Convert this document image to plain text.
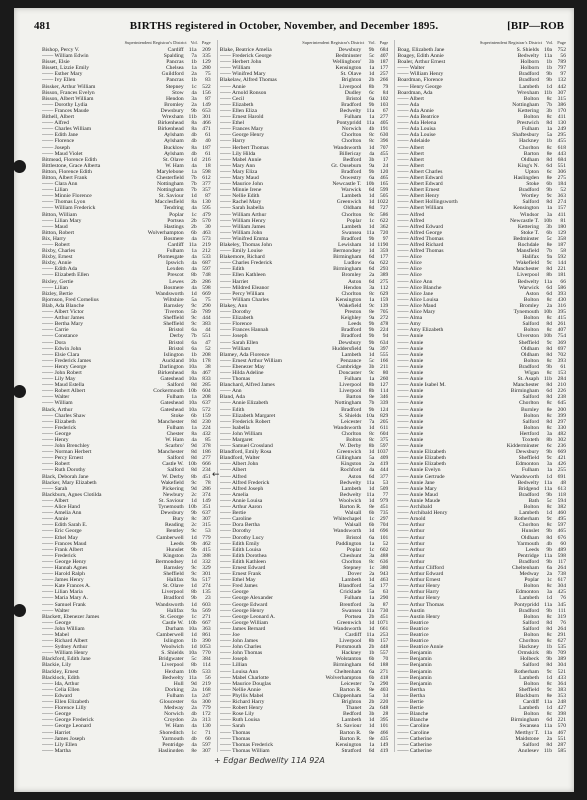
481	BIRTHS registered in October, November, and December 1895.	[BIP—ROB
Superintendent Registrar's District Vol. Page
Bishop, Percy V.	Cardiff 11a	209
—— William Edwin	Spalding	7a	335
Bisset, Elsie	Pancras	1b	129
Bissett, Lizzie Emily	Chelsea	1a	280
—— Esther Mary	Guildford	2a	75
—— Ivy Ellen	Pancras	1b	83
Bissker, Arthur William	Stepney	1c	522
Bisson, Frances Evelyn	Stow	4a	156
Bisson, Albert William	Hendon	3a	87
—— Dorothy Lydia	Bromley	2a	149
—— Frances Maude	Dewsbury	9b	653
Bithell, Albert	Wrexham 11b	301
—— Alfred	Birkenhead	8a	466
—— Charles William	Birkenhead	8a	471
—— Edith Jane	Aylsham	4b	61
—— Florence	Aylsham	4b	40
—— Joseph	Bucklow	8a	187
—— Maud Violet	Aylsham	4b	61
Bitmead, Florence Edith	St. Olave	1d	216
Bittlestone, Grace Alberta	W. Ham	4a	18
Bitton, Florence Edith	Marylebone	1a	598
Bitton, Albert Frank	Chesterfield	7b	612
—— Clara Ann	Nottingham	7b	377
—— Lilian	Nottingham	7b	357
—— Minnie Florence	St. Saviour	1d	87
—— Thomas Lyon	Macclesfield	8a	130
—— William Frederick	Tendring	4a	595
Bitton, William	Poplar	1c	479
—— Lilian Mary	Portsea	2b	570
—— Maud	Hastings	2b	30
Bitton, Robert	Wolverhampton	6b	463
Bix, Harry	Bosmere	4a	573
—— Robert	Cardiff 11a	219
Bixby, Charles	Fulham	1a	212
Bixby, Ernest	Plomesgate	4a	533
Bixby, Annie	Ipswich	4a	687
—— Edith Ada	Lexden	4a	597
—— Elizabeth Ellen	Prescot	8b	748
Bixley, Gertie	Lewes	2b	286
—— Lilian	Bosmere	4a	598
Bizley, Bertie	Wandsworth	1d	669
Bjornson, Fred Cornelius	Wiltshire	5a	75
Blab, Ada Blanche	Barnsley	9c	290
—— Albert Victor	Tiverton	5b	789
—— Arthur James	Sheffield	9c	444
—— Bertha Mary	Sheffield	9c	383
—— Carrie	Bristol	6a	44
—— Constance	Derby	7b	551
—— Dora	Bristol	6a	47
—— Edwin John	Bristol	6a	52
—— Elsie Clara	Islington	1b	208
—— Frederick James	Auckland 10a	178
—— Henry George	Darlington 10a	38
—— John Robert	Birkenhead	8a	467
—— Lily May	Gateshead 10a	833
—— Maud Estella	Salford	8d	285
—— Robert Albert	Cockermouth 10b	604
—— Walter	Fulham	1a	208
—— William	Gateshead 10a	637
Black, Arthur	Gateshead 10a	572
—— Charles Shaw	Stoke	6b	159
—— Elizabeth	Manchester	8d	230
—— Frederick	Fulham	1a	224
—— George	Chester	8a	432
—— Henry	W. Ham	4a	85
—— John Brenchley	Scarbro'	9d	378
—— Norman Herbert	Manchester	8d	186
—— Percy Ernest	Salford	8d	277
—— Robert	Castle W. 10b	666
—— Ruth Dorothy	Salford	8d	234
Black, Deborah Jane	W. Derby	8b	451
Blacker, Mary Elizabeth	Wakefield	9c	78
—— Sarah	Pickering	9d	286
Blackburn, Agnes Clotilda	Newbury	2c	374
—— Albert	St. Saviour	1d	149
—— Alice Hand	Tynemouth 10b	351
—— Amelia Ann	Dewsbury	9b	637
—— Annie	Bury	8c	307
—— Edith Sarah E.	Reading	2c	315
—— Eric George	Bentley	9c	53
—— Ethel May	Camberwell	1d	779
—— Frances Maud	Leeds	9b	462
—— Frank Albert	Hunslet	9b	415
—— Frederick	Kingston	2a	388
—— George Henry	Bermondsey	1d	332
—— Hannah Agnes	Barnsley	9c	329
—— Harold Ralph	Sheffield	9c	301
—— James Henry	Halifax	9a	517
—— Kate Frances A.	St. Olave	1d	274
—— Lilian Maria	Liverpool	8b	135
—— Maria Mary A.	Bradford	9b	23
—— Samuel Frank	Wandsworth	1d	603
—— Walter	Halifax	9a	569
Blackett, Ebenezer James	St. George	1c	271
—— George	Castle W. 10b	667
—— John William	Durham 10a	363
—— Mabel	Camberwell	1d	861
—— Richard Albert	Islington	1b	390
—— Sydney Arthur	Woolwich	1d 1053
—— William Henry	S. Shields 10a	770
Blackford, Edith Jane	Bridgwater	5c	384
Blackie, Lily	Liverpool	8b	114
Blackley, Ernest	Hexham 10b	533
Blacklock, Edith	Bedwelty 11a	56
—— Ida, Arthur	Hull	9d	219
—— Celia Ellen	Dorking	2a	168
—— Edward	Fulham	1a	247
—— Ellen Elizabeth	Gloucester	6a	300
—— Florence Lilly	Medway	2a	779
—— George	Norwich	4b	172
—— George Frederick	Croydon	2a	313
—— George Leonard	W. Ham	4a	130
—— Harriet	Shoreditch	1c	71
—— James Joseph	Yarmouth	4b	60
—— Lily Ellen	Pentridge	4a	597
—— Martha	Haslingden	8e	307
Superintendent Registrar's District Vol. Page
Blake, Beatrice Amelia	Dewsbury	9b	684
—— Frederick George	Bedminster	5c	407
—— Herbert John	Wellingboro'	3b	187
—— William	Kensington	1a	177
—— Winifred Mary	St. Olave	1d	257
Blakelaw, Alfred Thomas	Brighton	2b	266
—— Annie	Liverpool	8b	79
—— Arnold Ronson	Dudley	6c	84
—— Cecil	Bristol	6a	102
—— Elizabeth	Bradford	9b	103
—— Ellen Eliza	Bedwelty 11a	67
—— Ernest Harold	Fulham	1a	277
—— Ethel	Pontypridd 11a	405
—— Frances Mary	Norwich	4b	191
—— George Henry	Chorlton	8c	630
—— Harry	Chorlton	8c	396
—— Herbert Thomas	Wandsworth	1d	707
—— Lily Hilda	Billericay	4a	455
—— Mabel Annie	Bedford	3b	17
—— Mary Ann	Gt. Ouseburn	9a	24
—— Mary Eliza	Bradford	9b	120
—— Mary Maud	Oswestry	6a	465
—— Maurice John	Newcastle T. 10b	165
—— Minnie Irene	Warwick	6d	599
—— Nellie Edith	Lambeth	1d	505
—— Rachel Mary	Greenwich	1d 1022
—— Sarah Isabella	Oldham	8d	727
—— William Arthur	Chorlton	8c	586
—— William Henry	Poplar	1c	622
—— William James	Lambeth	1d	362
—— William John	Swansea 11a	720
—— Winifred Emma	Bradford	9b	97
Blakeley, Thomas John	Lewisham	1d 1190
—— Emily Louise	Bermondsey	1d	359
Blakemore, Richard	Birmingham	6d	177
—— Charles Frederick	Ludlow	6a	622
—— Edith	Birmingham	6d	293
—— Ellen Kathleen	Bromley	2a	389
—— Harriet	Aston	6d	275
—— Mildred Eleanor	Hendon	3a	112
—— Percy William	Chorlton	8c	629
—— William Charles	Kensington	1a	159
Blakey, Ann	Wakefield	9c	139
—— Dorothy	Preston	8e	705
—— Elizabeth	Keighley	9a	272
—— Florence	Leeds	9b	478
—— Frances Hannah	Bradford	9b	224
—— Joseph	Bradford	9b	94
—— Sarah Ellen	Dewsbury	9b	634
—— William	Huddersfield	9a	397
Blamey, Ada Florence	Lambeth	1d	555
—— Ernest Arthur William	Penzance	5c	166
—— Ebenezer May	Cambridge	3b	211
—— Hilda Adeline	Doncaster	9c	80
—— Thomas	Fulham	1a	260
Blanchard, Alfred James	Liverpool	8b	127
—— Ann	Liverpool	8b	114
Bland, Ada	Barton	8e	346
—— Annie Elizabeth	Nottingham	7b	339
—— Edith	Bradford	9b	124
—— Elizabeth Margaret	S. Shields 10a	829
—— Frederick Robert	Leicester	7a	205
—— Isabella	Wandsworth	1d	611
—— John William	Chorlton	8c	604
—— Margaret	Bolton	8c	375
—— Samuel Crossland	W. Derby	8b	597
Blandford, Emily Rosa	Greenwich	1d 1037
Blandford, Walter	Gillingham	5a	409
—— Albert John	Kingston	2a	419
—— Albert	Rochford	4a	444
—— Alfred	Aston	6d	377
—— Alfred Frederick	Bedwelty 11a	53
—— Alfred Joseph	Lambeth	1d	509
—— Amelia	Bedwelty 11a	77
—— Annie Louisa	Woolwich	1d	979
—— Arthur Aaron	Barton R.	8e	451
—— Bertie	Walsall	6b	735
—— Caroline	Whitechapel	1c	297
—— Dora Bertha	Walsall	6b	704
—— Dorothy	Wandsworth	1d	696
—— Dorothy Lucy	Bristol	6a	101
—— Edith Emily	Paddington	1a	52
—— Edith Louisa	Poplar	1c	602
—— Edith Dorothea	Cheshunt	3a	488
—— Edith Kathleen	Chorlton	8c	636
—— Ernest Edward	Stepney	1c	380
—— Ernest Frank	Dover	2a	943
—— Ethel May	Lambeth	1d	463
—— Fred James	Blandford	5a	177
—— George	Cricklade	5a	63
—— George Alexander	Fulham	1a	290
—— George Edward	Brentford	3a	87
—— George Henry	Swansea 11a	730
—— George Leonard A.	Portsea	2b	451
—— George William	Greenwich	1d 1071
—— James Bernard	Wandsworth	1d	661
—— Joe	Cardiff 11a	253
—— John James	Liverpool	8b	157
—— John Charles	Portsmouth	2b	448
—— John Thomas	Hackney	1b	557
—— Joseph	Wolstanton	6b	70
—— Lillian	Birmingham	6d	188
—— Louisa Ann	Cheltenham	6a	271
—— Mabel Charlotte	Wolverhampton	6b	418
—— Maurice Douglas	Leicester	7a	290
—— Nellie Annie	Barton R.	8e	403
—— Phyllis Mabel	Chippenham	5a	34
—— Richard Harry	Brighton	2b	220
—— Robert Henry	Thanet	2a	648
—— Rose Lily	Bedford	3b	28
—— Ruth Louisa	Lambeth	1d	395
—— Sarah	St. Saviour	1d	101
—— Thomas	Barton R.	8e	466
—— Thomas	Barton R.	8e	435
—— Thomas Frederick	Kensington	1a	149
—— Thomas William	Stratford	6d	419
Superintendent Registrar's District Vol. Page
Boag, Elizabeth Jane	S. Shields 10a	752
Boagey, Edith Annie	Bedwelty 11a	56
Boaler, Arthur Ernest	Holborn	1b	789
—— Walter	Holborn	1b	797
—— William Henry	Bradford	9b	97
Boardman, Florence	Bradford	9b	132
—— Henry George	Lambeth	1d	442
Boardman, Ada	Wrexham 11b	307
—— Albert	Bolton	8c	315
—— Ada	Nottingham	7b	386
—— Ada Annie	Kettering	3b	170
—— Ada Beatrice	Bolton	8c	411
—— Ada Helena	Prestwich	8d	130
—— Ada Louisa	Fulham	1a	249
—— Ada Louise	Shaftesbury	5a	295
—— Adelaide	Hackney	1b	455
—— Albert	Chorlton	8c	618
—— Albert	Barton	8e	443
—— Albert	Oldham	8d	684
—— Albert	King's N.	6d	551
—— Albert Charles	Upton	6c	306
—— Albert Edward	Haslingden	8e	275
—— Albert Edward	Stoke	6b	184
—— Albert Ernest	Bradford	9b	52
—— Albert Henry	Wortley	9c	363
—— Albert Hollingsworth	Salford	8d	274
—— Albert William	Kensington	1a	157
—— Alfred	Windsor	3a	411
—— Alfred	Newcastle T. 10b	81
—— Alfred Edward	Kettering	3b	180
—— Alfred George	Stoke T.	6b	129
—— Alfred Thomas	Bedminster	5c	358
—— Alfred Richard	Rochdale	8e	187
—— Alfred Thomas	Mansfield	7b	58
—— Alice	Halifax	9a	592
—— Alice	Wakefield	9c	144
—— Alice	Manchester	8d	221
—— Alice	Liverpool	8b	181
—— Alice Ann	Bedwelty 11a	66
—— Alice Blanche	Warwick	6d	586
—— Alice Jane	Aston	6d	393
—— Alice Louisa	Bolton	8c	430
—— Alice Maud	Bromley	2a	316
—— Alice Mary	Tynemouth 10b	395
—— Alma	Bolton	8c	415
—— Amy	Salford	8d	261
—— Amy Elizabeth	Bolton	8c	407
—— Annie	Ulverston 10b	754
—— Annie	Sheffield	9c	369
—— Annie	Oldham	8d	697
—— Annie	Oldham	8d	702
—— Annie	Bolton	8c	393
—— Annie	Bradford	9b	61
—— Annie	Wigan	8c	153
—— Annie	St. Asaph 11b	284
—— Annie Isabel M.	Manchester	8d	210
—— Annie	Birmingham	6d	226
—— Annie	Salford	8d	238
—— Annie	Chorlton	8c	645
—— Annie	Burnley	8e	200
—— Annie	Bolton	8c	399
—— Annie	Salford	8d	297
—— Annie	Bolton	8c	330
—— Annie	Hertford	3a	482
—— Annie	Toxteth	8b	302
—— Annie	Kidderminster	6c	236
—— Annie Elizabeth	Dewsbury	9b	669
—— Annie Elizabeth	Sheffield	9c	421
—— Annie Elizabeth	Edmonton	3a	426
—— Annie Evelyn	Fulham	1a	255
—— Annie Gertrude	Wandsworth	1d	691
—— Annie Jane	Bedwelty 11a	48
—— Annie Mary	Bridgend 11a	613
—— Annie Maud	Bradford	9b	118
—— Annie Maude	Bath	5c	594
—— Archibald	Bolton	8c	382
—— Archibald Henry	Lambeth	1d	460
—— Arnold	Rotherham	9c	495
—— Arthur	Chorlton	8c	597
—— Arthur	Hunslet	9b	465
—— Arthur	Oldham	8d	676
—— Arthur	Yarmouth	4b	60
—— Arthur	Leeds	9b	489
—— Arthur	Pentridge 11a	598
—— Arthur	Bradford	9b	117
—— Arthur Clifford	Cheltenham	6a	264
—— Arthur Edward	Medway	2a	738
—— Arthur Ernest	Poplar	1c	617
—— Arthur Henry	Bolton	8c	304
—— Arthur Harry	Edmonton	3a	425
—— Arthur Henry	Lambeth	1d	76
—— Arthur Thomas	Pontypridd 11a	345
—— Austin	Bradford	9b	111
—— Austin Henry	Bolton	8c	319
—— Beatrice	Salford	8d	76
—— Beatrice	Salford	8d	264
—— Beatrice	Bolton	8c	291
—— Beatrice	Chorlton	8c	627
—— Beatrice Annie	Hackney	1b	535
—— Benjamin	Ormskirk	8b	709
—— Benjamin	Holbeck	9b	389
—— Benjamin	Salford	8d	304
—— Benjamin	Rotherham	9c	521
—— Benjamin	Lambeth	1d	433
—— Benjamin	Bolton	8c	364
—— Bertha	Sheffield	9c	383
—— Bertha	Blackburn	8e	353
—— Bertie	Cardiff 11a	248
—— Bertie	Lambeth	1d	427
—— Blanche	Bolton	8c	398
—— Blanche	Birmingham	6d	221
—— Caroline	Swansea 11a	570
—— Caroline	Merthyr T. 11a	467
—— Catherine	Maidstone	2a	551
—— Catherine	Salford	8d	287
—— Catherine	Anglesey 11b	585
←
+ Edgar Bedwellty 11A 92A
